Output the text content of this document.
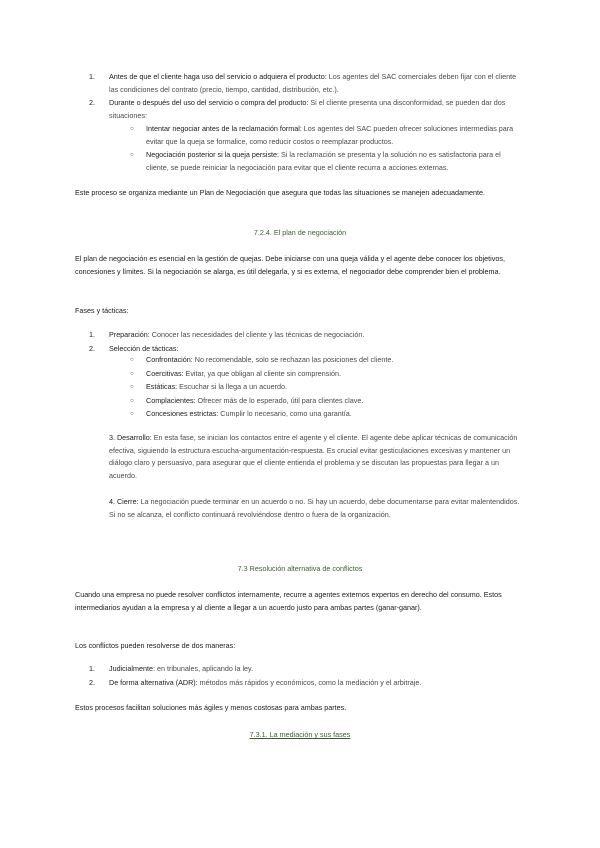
1. Antes de que el cliente haga uso del servicio o adquiera el producto: Los agentes del SAC comerciales deben fijar con el cliente las condiciones del contrato (precio, tiempo, cantidad, distribución, etc.).
2. Durante o después del uso del servicio o compra del producto: Si el cliente presenta una disconformidad, se pueden dar dos situaciones:
○ Intentar negociar antes de la reclamación formal: Los agentes del SAC pueden ofrecer soluciones intermedias para evitar que la queja se formalice, como reducir costos o reemplazar productos.
○ Negociación posterior si la queja persiste: Si la reclamación se presenta y la solución no es satisfactoria para el cliente, se puede reiniciar la negociación para evitar que el cliente recurra a acciones externas.

Este proceso se organiza mediante un Plan de Negociación que asegura que todas las situaciones se manejen adecuadamente.

7.2.4. El plan de negociación

El plan de negociación es esencial en la gestión de quejas. Debe iniciarse con una queja válida y el agente debe conocer los objetivos, concesiones y límites. Si la negociación se alarga, es útil delegarla, y si es externa, el negociador debe comprender bien el problema.

Fases y tácticas:

1. Preparación: Conocer las necesidades del cliente y las técnicas de negociación.
2. Selección de tácticas:
○ Confrontación: No recomendable, solo se rechazan las posiciones del cliente.
○ Coercitivas: Evitar, ya que obligan al cliente sin comprensión.
○ Estáticas: Escuchar si la llega a un acuerdo.
○ Complacientes: Ofrecer más de lo esperado, útil para clientes clave.
○ Concesiones estrictas: Cumplir lo necesario, como una garantía.

3. Desarrollo: En esta fase, se inician los contactos entre el agente y el cliente. El agente debe aplicar técnicas de comunicación efectiva, siguiendo la estructura escucha-argumentación-respuesta. Es crucial evitar gesticulaciones excesivas y mantener un diálogo claro y persuasivo, para asegurar que el cliente entienda el problema y se discutan las propuestas para llegar a un acuerdo.

4. Cierre: La negociación puede terminar en un acuerdo o no. Si hay un acuerdo, debe documentarse para evitar malentendidos. Si no se alcanza, el conflicto continuará revolviéndose dentro o fuera de la organización.

7.3 Resolución alternativa de conflictos

Cuando una empresa no puede resolver conflictos internamente, recurre a agentes externos expertos en derecho del consumo. Estos intermediarios ayudan a la empresa y al cliente a llegar a un acuerdo justo para ambas partes (ganar-ganar).

Los conflictos pueden resolverse de dos maneras:

1. Judicialmente: en tribunales, aplicando la ley.
2. De forma alternativa (ADR): métodos más rápidos y económicos, como la mediación y el arbitraje.

Estos procesos facilitan soluciones más ágiles y menos costosas para ambas partes.

7.3.1. La mediación y sus fases
